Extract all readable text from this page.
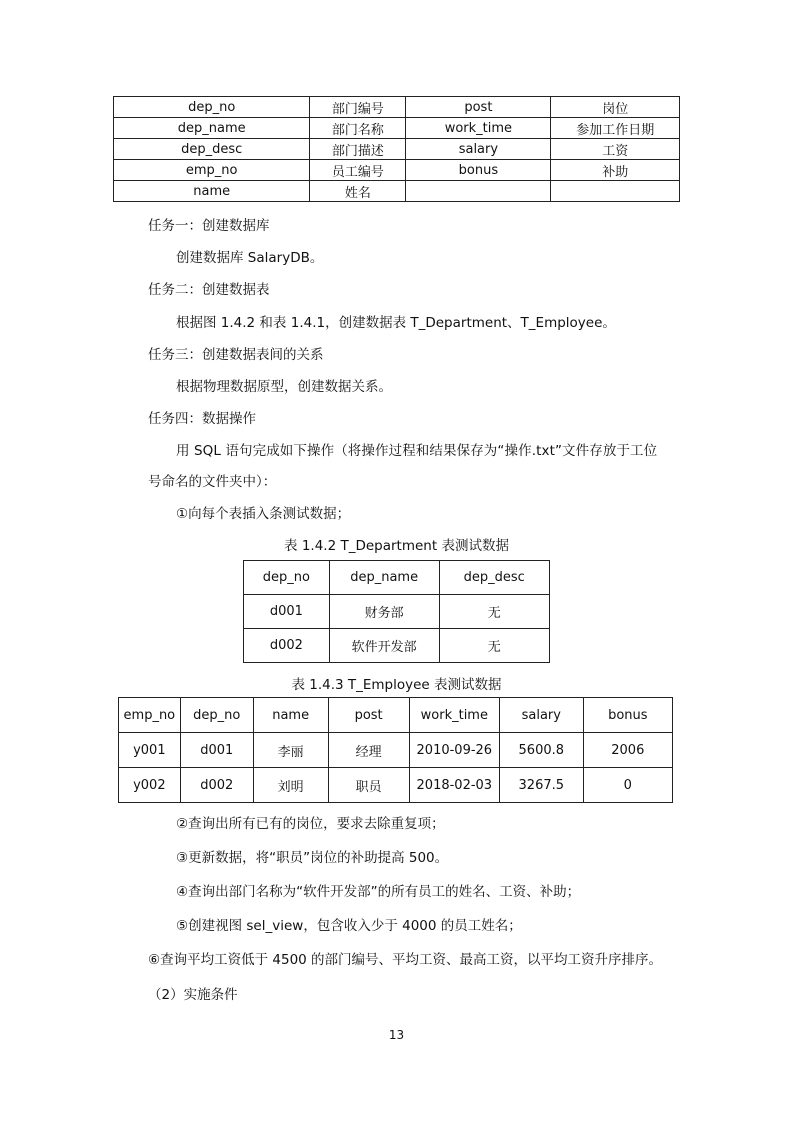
dep_no	部门编号	post	岗位
dep_name	部门名称	work_time	参加工作日期
dep_desc	部门描述	salary	工资
emp_no	员工编号	bonus	补助
name	姓名		
任务一：创建数据库
创建数据库 SalaryDB。
任务二：创建数据表
根据图 1.4.2 和表 1.4.1，创建数据表 T_Department、T_Employee。
任务三：创建数据表间的关系
根据物理数据原型，创建数据关系。
任务四：数据操作
用 SQL 语句完成如下操作（将操作过程和结果保存为“操作.txt”文件存放于工位
号命名的文件夹中）：
①向每个表插入条测试数据；
表 1.4.2 T_Department 表测试数据
dep_no	dep_name	dep_desc
d001	财务部	无
d002	软件开发部	无
表 1.4.3 T_Employee 表测试数据
emp_no	dep_no	name	post	work_time	salary	bonus
y001	d001	李丽	经理	2010-09-26	5600.8	2006
y002	d002	刘明	职员	2018-02-03	3267.5	0
②查询出所有已有的岗位，要求去除重复项；
③更新数据，将“职员”岗位的补助提高 500。
④查询出部门名称为“软件开发部”的所有员工的姓名、工资、补助；
⑤创建视图 sel_view，包含收入少于 4000 的员工姓名；
⑥查询平均工资低于 4500 的部门编号、平均工资、最高工资，以平均工资升序排序。
（2）实施条件
13
